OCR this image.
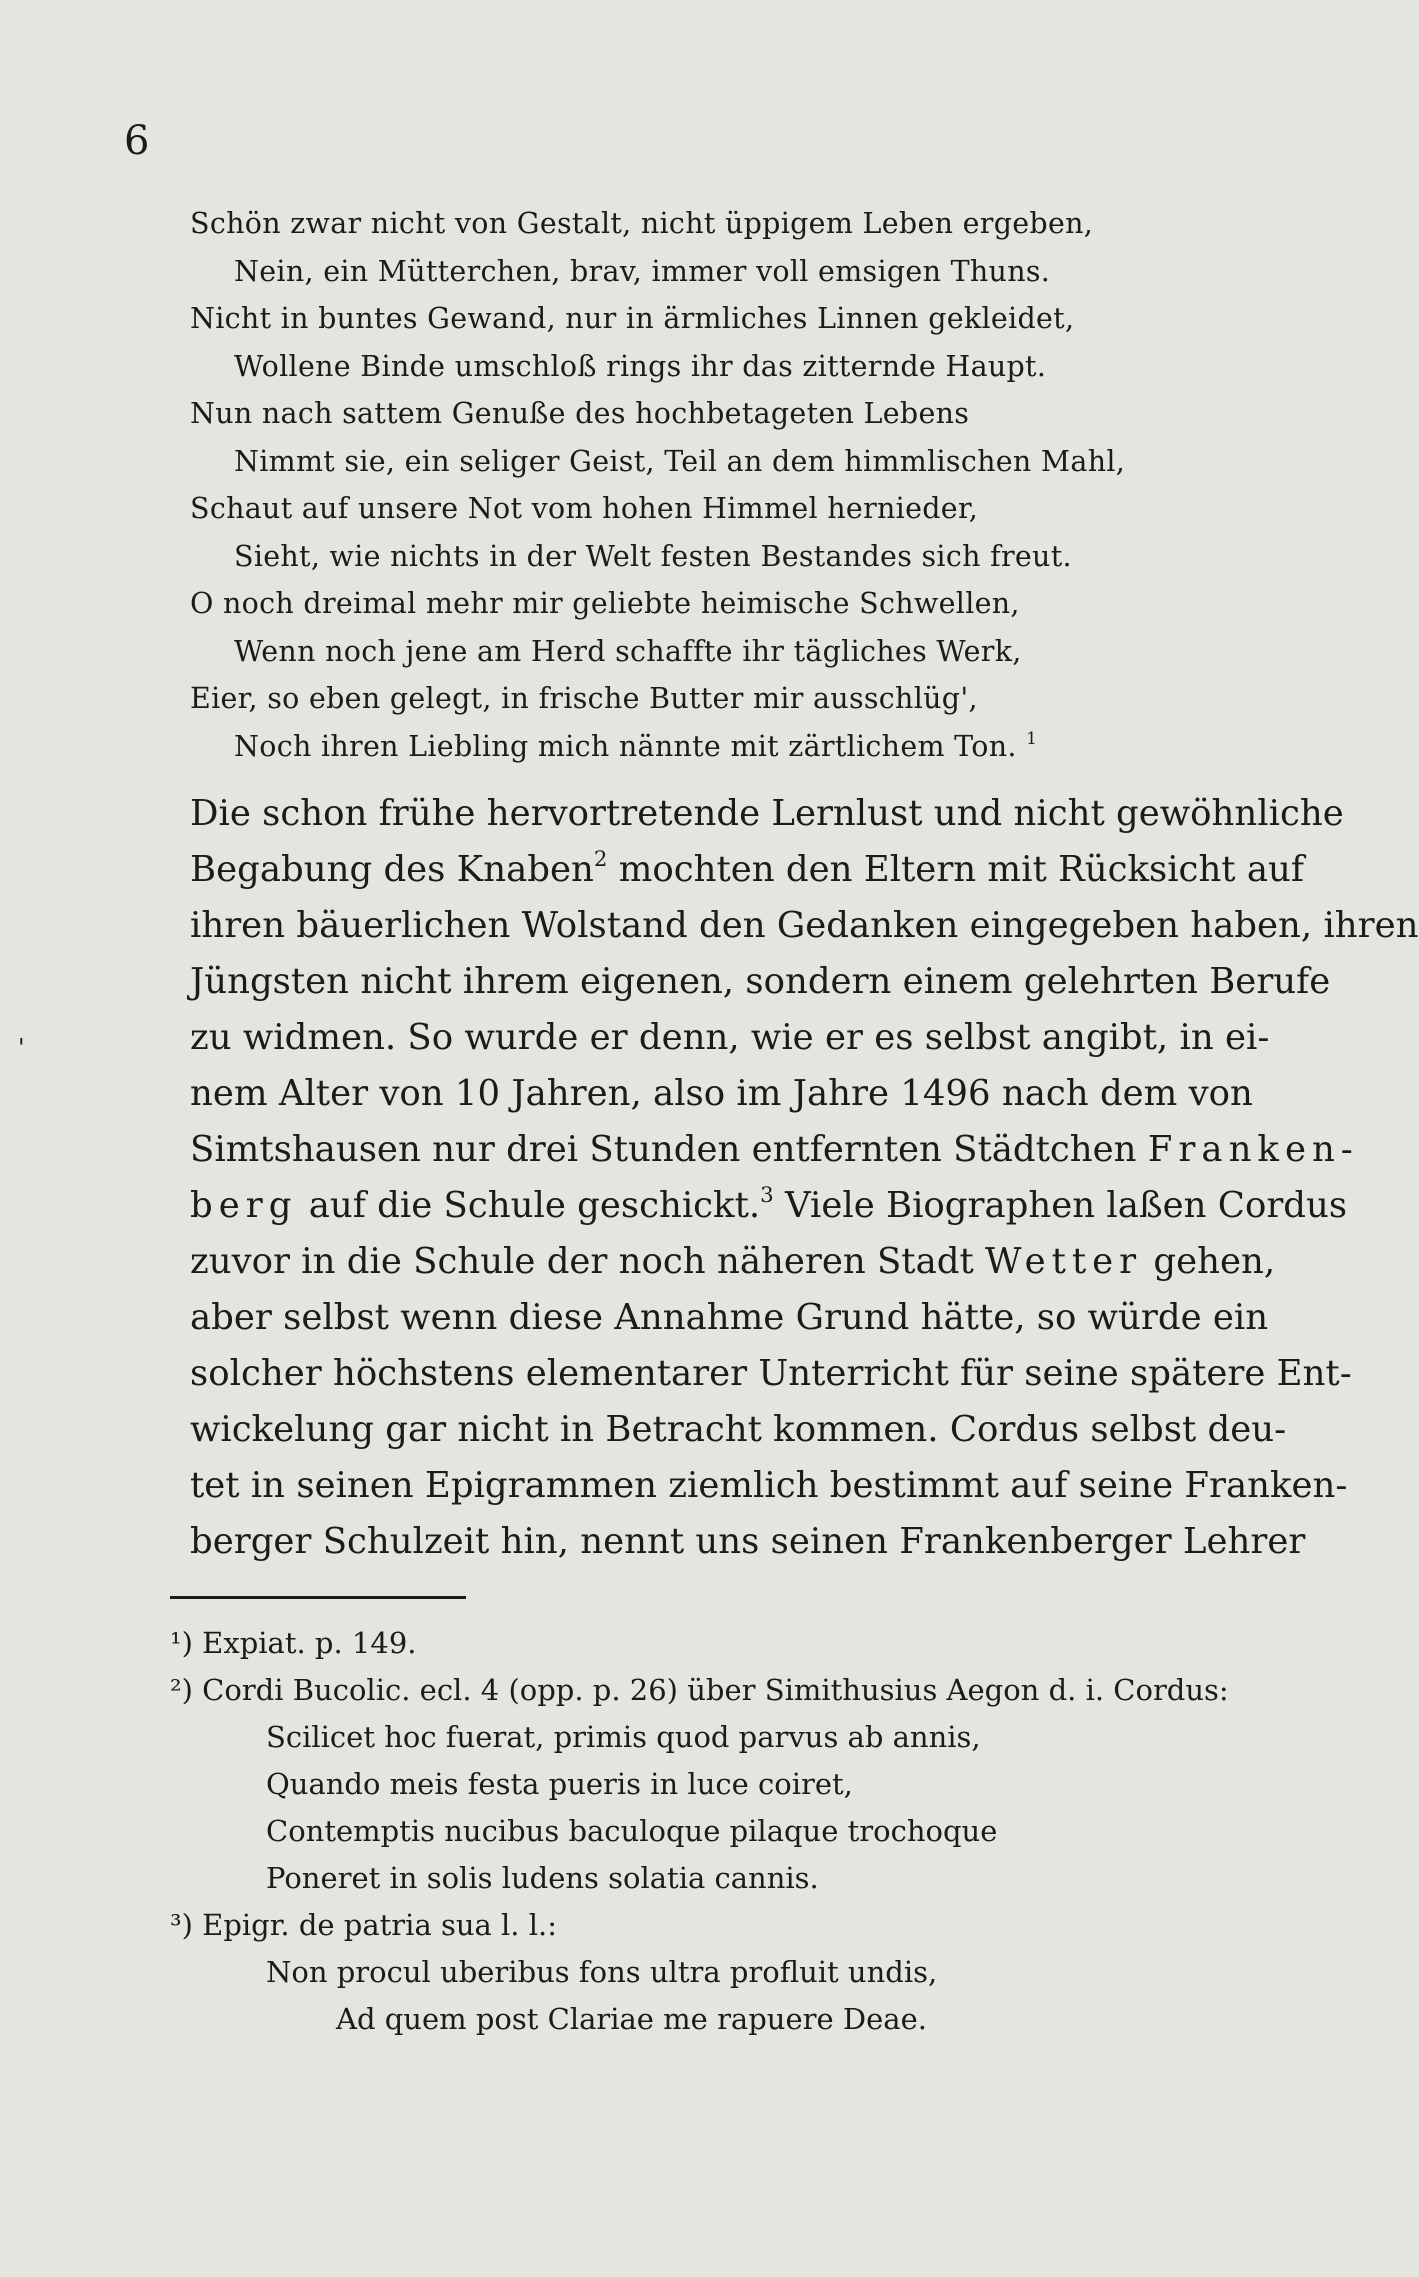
6
Schön zwar nicht von Gestalt, nicht üppigem Leben ergeben,
Nein, ein Mütterchen, brav, immer voll emsigen Thuns.
Nicht in buntes Gewand, nur in ärmliches Linnen gekleidet,
Wollene Binde umschloß rings ihr das zitternde Haupt.
Nun nach sattem Genuße des hochbetageten Lebens
Nimmt sie, ein seliger Geist, Teil an dem himmlischen Mahl,
Schaut auf unsere Not vom hohen Himmel hernieder,
Sieht, wie nichts in der Welt festen Bestandes sich freut.
O noch dreimal mehr mir geliebte heimische Schwellen,
Wenn noch jene am Herd schaffte ihr tägliches Werk,
Eier, so eben gelegt, in frische Butter mir ausschlüg',
Noch ihren Liebling mich nännte mit zärtlichem Ton. $^1$
Die schon frühe hervortretende Lernlust und nicht gewöhnliche
Begabung des Knaben$^2$ mochten den Eltern mit Rücksicht auf
ihren bäuerlichen Wolstand den Gedanken eingegeben haben, ihren
Jüngsten nicht ihrem eigenen, sondern einem gelehrten Berufe
zu widmen. So wurde er denn, wie er es selbst angibt, in ei-
nem Alter von 10 Jahren, also im Jahre 1496 nach dem von
Simtshausen nur drei Stunden entfernten Städtchen Franken-
berg auf die Schule geschickt.$^3$ Viele Biographen laßen Cordus
zuvor in die Schule der noch näheren Stadt Wetter gehen,
aber selbst wenn diese Annahme Grund hätte, so würde ein
solcher höchstens elementarer Unterricht für seine spätere Ent-
wickelung gar nicht in Betracht kommen. Cordus selbst deu-
tet in seinen Epigrammen ziemlich bestimmt auf seine Franken-
berger Schulzeit hin, nennt uns seinen Frankenberger Lehrer
¹) Expiat. p. 149.
²) Cordi Bucolic. ecl. 4 (opp. p. 26) über Simithusius Aegon d. i. Cordus:
Scilicet hoc fuerat, primis quod parvus ab annis,
Quando meis festa pueris in luce coiret,
Contemptis nucibus baculoque pilaque trochoque
Poneret in solis ludens solatia cannis.
³) Epigr. de patria sua l. l.:
Non procul uberibus fons ultra profluit undis,
Ad quem post Clariae me rapuere Deae.
'
